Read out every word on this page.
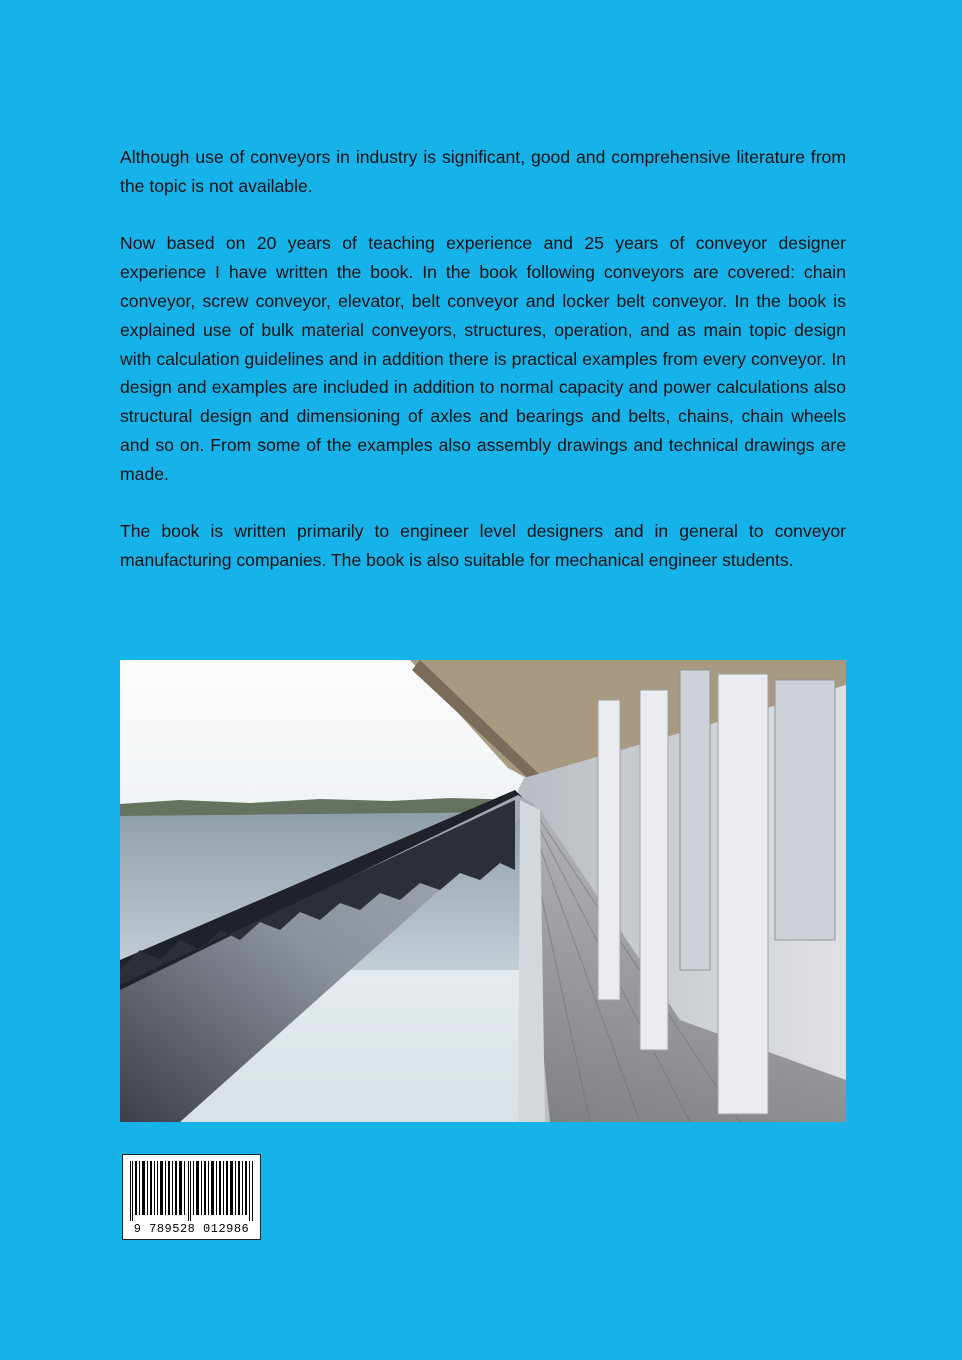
Although use of conveyors in industry is significant, good and comprehensive literature from the topic is not available.

Now based on 20 years of teaching experience and 25 years of conveyor designer experience I have written the book. In the book following conveyors are covered: chain conveyor, screw conveyor, elevator, belt conveyor and locker belt conveyor. In the book is explained use of bulk material conveyors, structures, operation, and as main topic design with calculation guidelines and in addition there is practical examples from every conveyor. In design and examples are included in addition to normal capacity and power calculations also structural design and dimensioning of axles and bearings and belts, chains, chain wheels and so on. From some of the examples also assembly drawings and technical drawings are made.

The book is written primarily to engineer level designers and in general to conveyor manufacturing companies. The book is also suitable for mechanical engineer students.

9 789528 012986
